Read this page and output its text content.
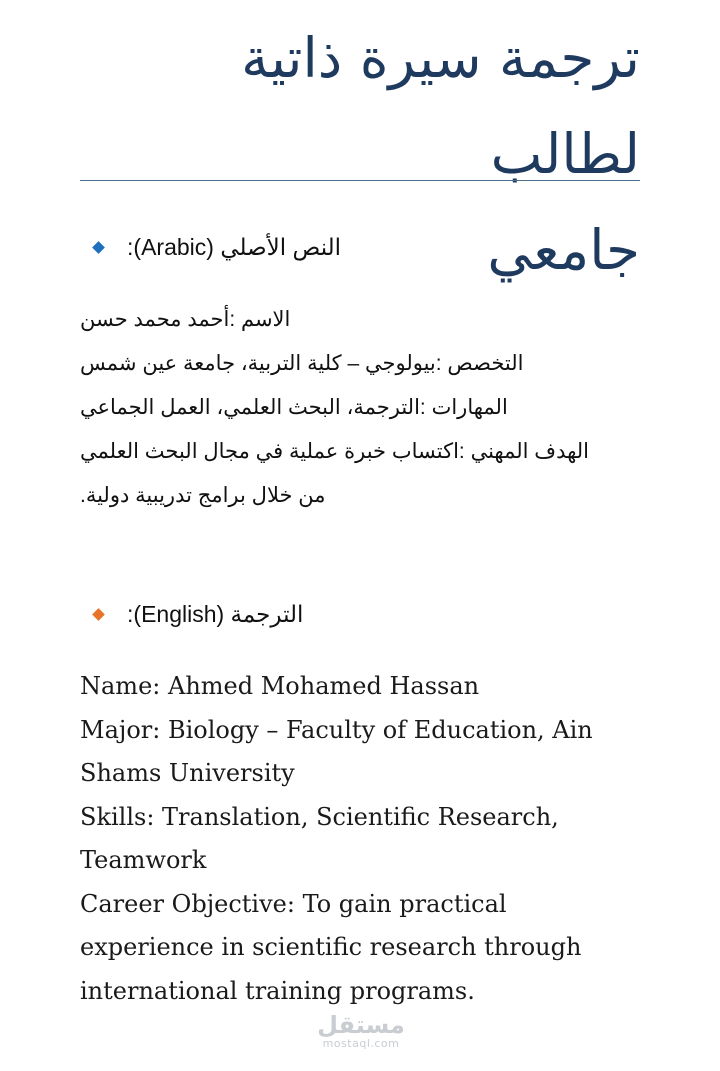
ترجمة سيرة ذاتية لطالب
جامعي
النص الأصلي (Arabic):
الاسم :أحمد محمد حسن
التخصص :بيولوجي – كلية التربية، جامعة عين شمس
المهارات :الترجمة، البحث العلمي، العمل الجماعي
الهدف المهني :اكتساب خبرة عملية في مجال البحث العلمي
من خلال برامج تدريبية دولية.
الترجمة (English):

Name: Ahmed Mohamed Hassan

Major: Biology – Faculty of Education, Ain Shams University

Skills: Translation, Scientific Research, Teamwork

Career Objective: To gain practical experience in scientific research through international training programs.

مستقل
mostaql.com
